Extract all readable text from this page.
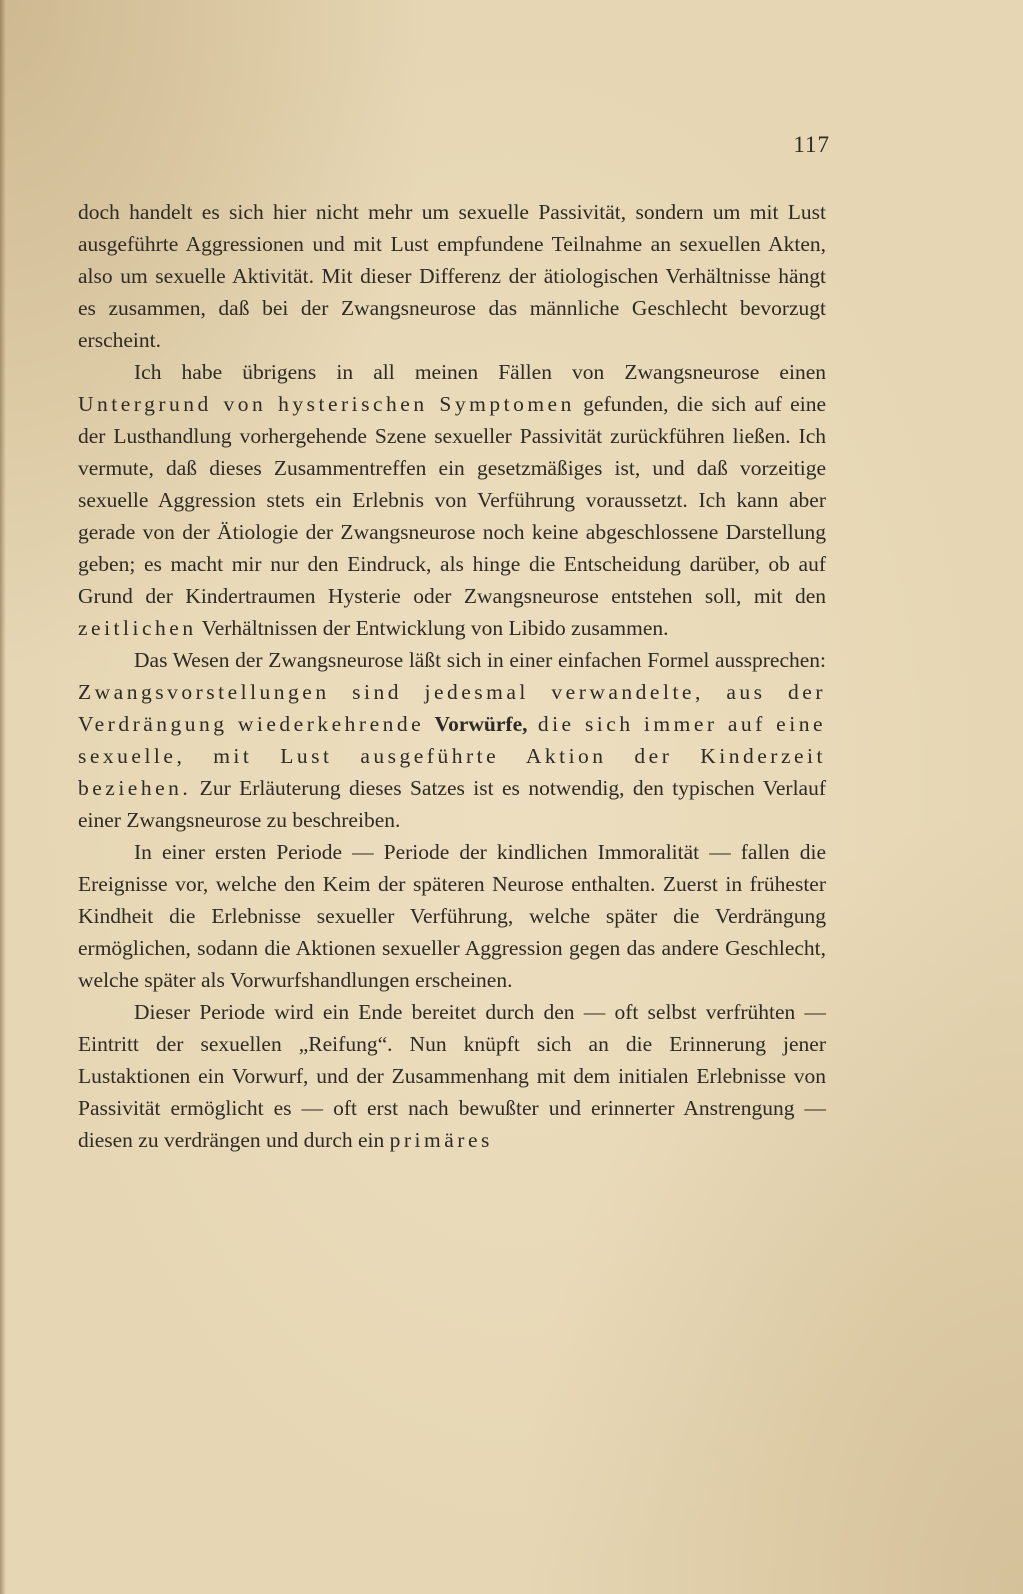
117

doch handelt es sich hier nicht mehr um sexuelle Passivität, sondern um mit Lust ausgeführte Aggressionen und mit Lust empfundene Teilnahme an sexuellen Akten, also um sexuelle Aktivität. Mit dieser Differenz der ätiologischen Verhältnisse hängt es zusammen, daß bei der Zwangsneurose das männliche Geschlecht bevorzugt erscheint.

Ich habe übrigens in all meinen Fällen von Zwangsneurose einen Untergrund von hysterischen Symptomen gefunden, die sich auf eine der Lusthandlung vorhergehende Szene sexueller Passivität zurückführen ließen. Ich vermute, daß dieses Zusammentreffen ein gesetzmäßiges ist, und daß vorzeitige sexuelle Aggression stets ein Erlebnis von Verführung voraussetzt. Ich kann aber gerade von der Ätiologie der Zwangsneurose noch keine abgeschlossene Darstellung geben; es macht mir nur den Eindruck, als hinge die Entscheidung darüber, ob auf Grund der Kindertraumen Hysterie oder Zwangsneurose entstehen soll, mit den zeitlichen Verhältnissen der Entwicklung von Libido zusammen.

Das Wesen der Zwangsneurose läßt sich in einer einfachen Formel aussprechen: Zwangsvorstellungen sind jedesmal verwandelte, aus der Verdrängung wiederkehrende Vorwürfe, die sich immer auf eine sexuelle, mit Lust ausgeführte Aktion der Kinderzeit beziehen. Zur Erläuterung dieses Satzes ist es notwendig, den typischen Verlauf einer Zwangsneurose zu beschreiben.

In einer ersten Periode — Periode der kindlichen Immoralität — fallen die Ereignisse vor, welche den Keim der späteren Neurose enthalten. Zuerst in frühester Kindheit die Erlebnisse sexueller Verführung, welche später die Verdrängung ermöglichen, sodann die Aktionen sexueller Aggression gegen das andere Geschlecht, welche später als Vorwurfshandlungen erscheinen.

Dieser Periode wird ein Ende bereitet durch den — oft selbst verfrühten — Eintritt der sexuellen „Reifung“. Nun knüpft sich an die Erinnerung jener Lustaktionen ein Vorwurf, und der Zusammenhang mit dem initialen Erlebnisse von Passivität ermöglicht es — oft erst nach bewußter und erinnerter Anstrengung — diesen zu verdrängen und durch ein primäres
